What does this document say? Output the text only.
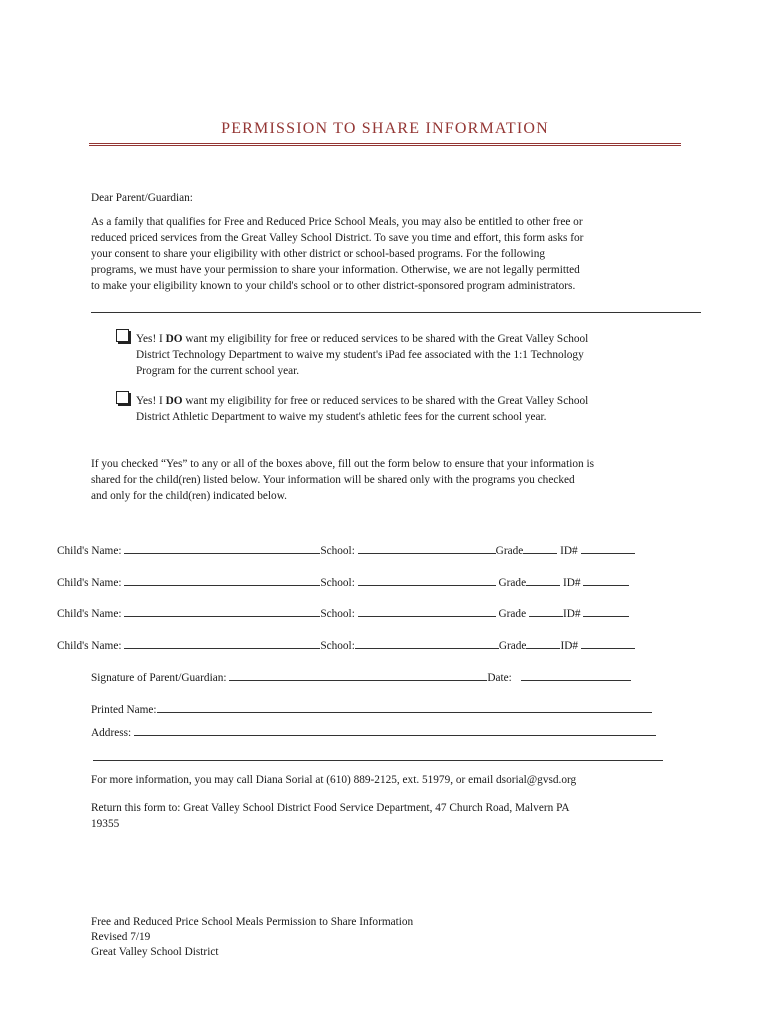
PERMISSION TO SHARE INFORMATION
Dear Parent/Guardian:
As a family that qualifies for Free and Reduced Price School Meals, you may also be entitled to other free or
reduced priced services from the Great Valley School District. To save you time and effort, this form asks for
your consent to share your eligibility with other district or school-based programs. For the following
programs, we must have your permission to share your information. Otherwise, we are not legally permitted
to make your eligibility known to your child's school or to other district-sponsored program administrators.
Yes! I DO want my eligibility for free or reduced services to be shared with the Great Valley School
District Technology Department to waive my student's iPad fee associated with the 1:1 Technology
Program for the current school year.
Yes! I DO want my eligibility for free or reduced services to be shared with the Great Valley School
District Athletic Department to waive my student's athletic fees for the current school year.
If you checked “Yes” to any or all of the boxes above, fill out the form below to ensure that your information is
shared for the child(ren) listed below. Your information will be shared only with the programs you checked
and only for the child(ren) indicated below.
Child's Name:	School:	Grade	ID#
Child's Name:	School:	Grade	ID#
Child's Name:	School:	Grade	ID#
Child's Name:	School:	Grade	ID#
Signature of Parent/Guardian:	Date:
Printed Name:
Address:
For more information, you may call Diana Sorial at (610) 889-2125, ext. 51979, or email dsorial@gvsd.org
Return this form to: Great Valley School District Food Service Department, 47 Church Road, Malvern PA
19355
Free and Reduced Price School Meals Permission to Share Information
Revised 7/19
Great Valley School District
